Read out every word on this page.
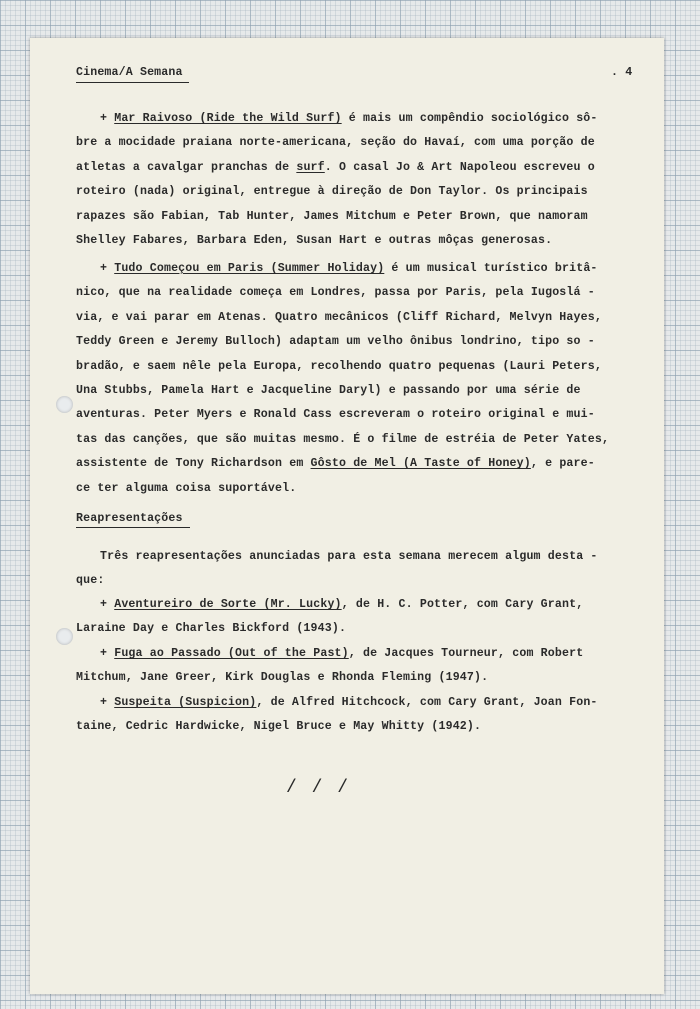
Cinema/A Semana

	. 4

+ Mar Raivoso (Ride the Wild Surf) é mais um compêndio sociológico sô-
bre a mocidade praiana norte-americana, seção do Havaí, com uma porção de
atletas a cavalgar pranchas de surf. O casal Jo & Art Napoleou escreveu o
roteiro (nada) original, entregue à direção de Don Taylor. Os principais
rapazes são Fabian, Tab Hunter, James Mitchum e Peter Brown, que namoram
Shelley Fabares, Barbara Eden, Susan Hart e outras môças generosas.
+ Tudo Começou em Paris (Summer Holiday) é um musical turístico britâ-
nico, que na realidade começa em Londres, passa por Paris, pela Iugoslá -
via, e vai parar em Atenas. Quatro mecânicos (Cliff Richard, Melvyn Hayes,
Teddy Green e Jeremy Bulloch) adaptam um velho ônibus londrino, tipo so -
bradão, e saem nêle pela Europa, recolhendo quatro pequenas (Lauri Peters,
Una Stubbs, Pamela Hart e Jacqueline Daryl) e passando por uma série de
aventuras. Peter Myers e Ronald Cass escreveram o roteiro original e mui-
tas das canções, que são muitas mesmo. É o filme de estréia de Peter Yates,
assistente de Tony Richardson em Gôsto de Mel (A Taste of Honey), e pare-
ce ter alguma coisa suportável.
Reapresentações
Três reapresentações anunciadas para esta semana merecem algum desta -
que:
+ Aventureiro de Sorte (Mr. Lucky), de H. C. Potter, com Cary Grant,
Laraine Day e Charles Bickford (1943).
+ Fuga ao Passado (Out of the Past), de Jacques Tourneur, com Robert
Mitchum, Jane Greer, Kirk Douglas e Rhonda Fleming (1947).
+ Suspeita (Suspicion), de Alfred Hitchcock, com Cary Grant, Joan Fon-
taine, Cedric Hardwicke, Nigel Bruce e May Whitty (1942).

/ / /
